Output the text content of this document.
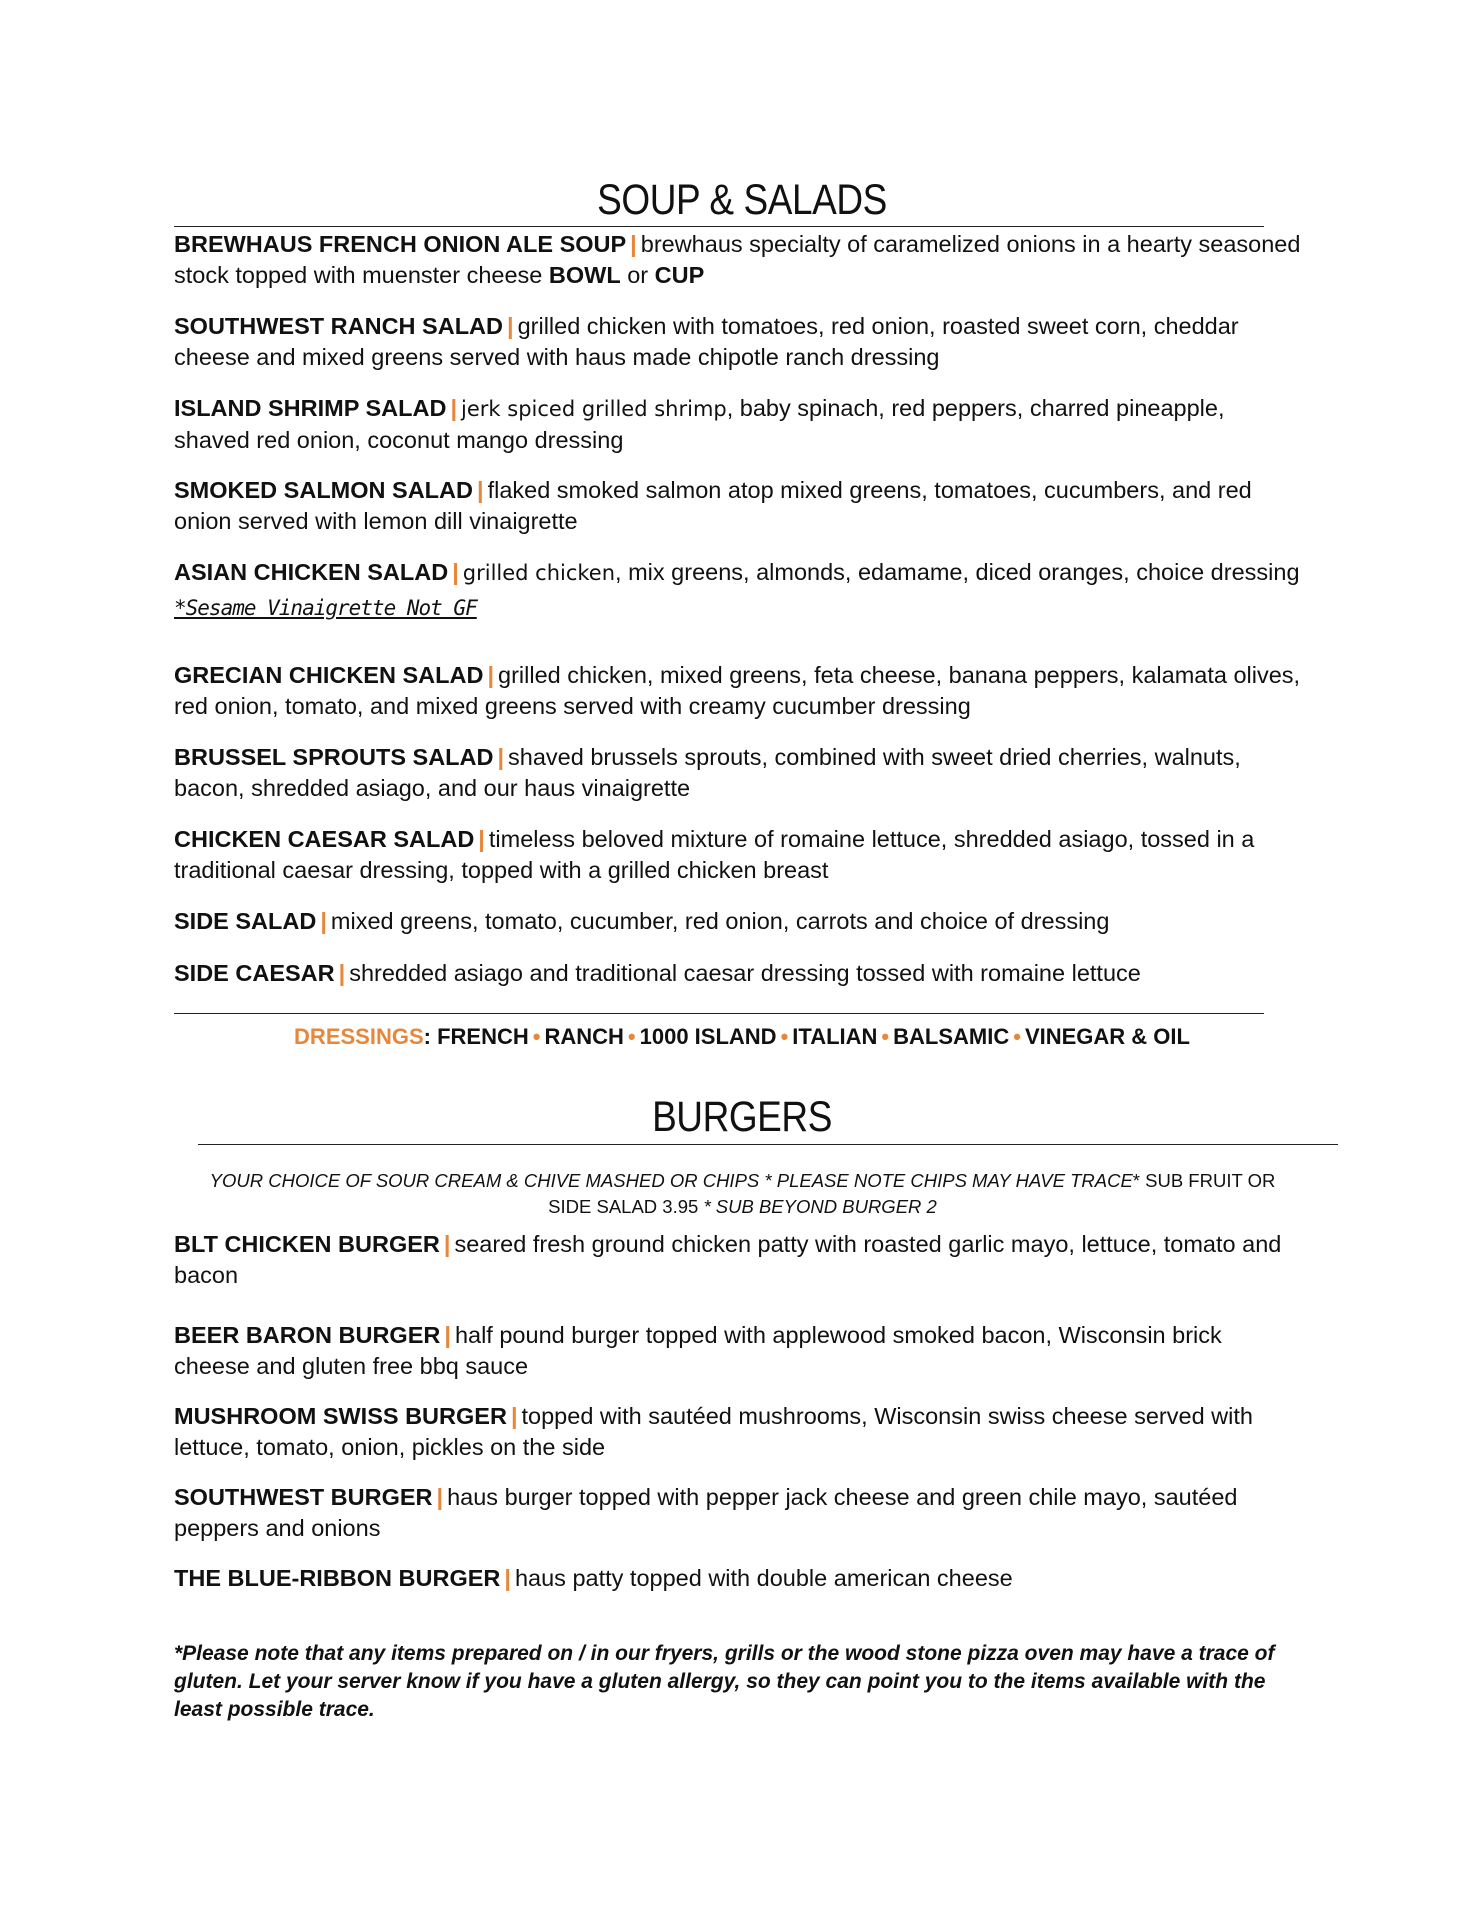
SOUP & SALADS
BREWHAUS FRENCH ONION ALE SOUP | brewhaus specialty of caramelized onions in a hearty seasoned stock topped with muenster cheese BOWL or CUP
SOUTHWEST RANCH SALAD | grilled chicken with tomatoes, red onion, roasted sweet corn, cheddar cheese and mixed greens served with haus made chipotle ranch dressing
ISLAND SHRIMP SALAD | jerk spiced grilled shrimp, baby spinach, red peppers, charred pineapple, shaved red onion, coconut mango dressing
SMOKED SALMON SALAD | flaked smoked salmon atop mixed greens, tomatoes, cucumbers, and red onion served with lemon dill vinaigrette
ASIAN CHICKEN SALAD | grilled chicken, mix greens, almonds, edamame, diced oranges, choice dressing
*Sesame Vinaigrette Not GF
GRECIAN CHICKEN SALAD | grilled chicken, mixed greens, feta cheese, banana peppers, kalamata olives, red onion, tomato, and mixed greens served with creamy cucumber dressing
BRUSSEL SPROUTS SALAD | shaved brussels sprouts, combined with sweet dried cherries, walnuts, bacon, shredded asiago, and our haus vinaigrette
CHICKEN CAESAR SALAD | timeless beloved mixture of romaine lettuce, shredded asiago, tossed in a traditional caesar dressing, topped with a grilled chicken breast
SIDE SALAD | mixed greens, tomato, cucumber, red onion, carrots and choice of dressing
SIDE CAESAR | shredded asiago and traditional caesar dressing tossed with romaine lettuce
DRESSINGS: FRENCH • RANCH • 1000 ISLAND • ITALIAN • BALSAMIC • VINEGAR & OIL
BURGERS
YOUR CHOICE OF SOUR CREAM & CHIVE MASHED OR CHIPS * PLEASE NOTE CHIPS MAY HAVE TRACE* SUB FRUIT OR SIDE SALAD 3.95 * SUB BEYOND BURGER 2
BLT CHICKEN BURGER | seared fresh ground chicken patty with roasted garlic mayo, lettuce, tomato and bacon
BEER BARON BURGER | half pound burger topped with applewood smoked bacon, Wisconsin brick cheese and gluten free bbq sauce
MUSHROOM SWISS BURGER | topped with sautéed mushrooms, Wisconsin swiss cheese served with lettuce, tomato, onion, pickles on the side
SOUTHWEST BURGER | haus burger topped with pepper jack cheese and green chile mayo, sautéed peppers and onions
THE BLUE-RIBBON BURGER | haus patty topped with double american cheese
*Please note that any items prepared on / in our fryers, grills or the wood stone pizza oven may have a trace of gluten. Let your server know if you have a gluten allergy, so they can point you to the items available with the least possible trace.
